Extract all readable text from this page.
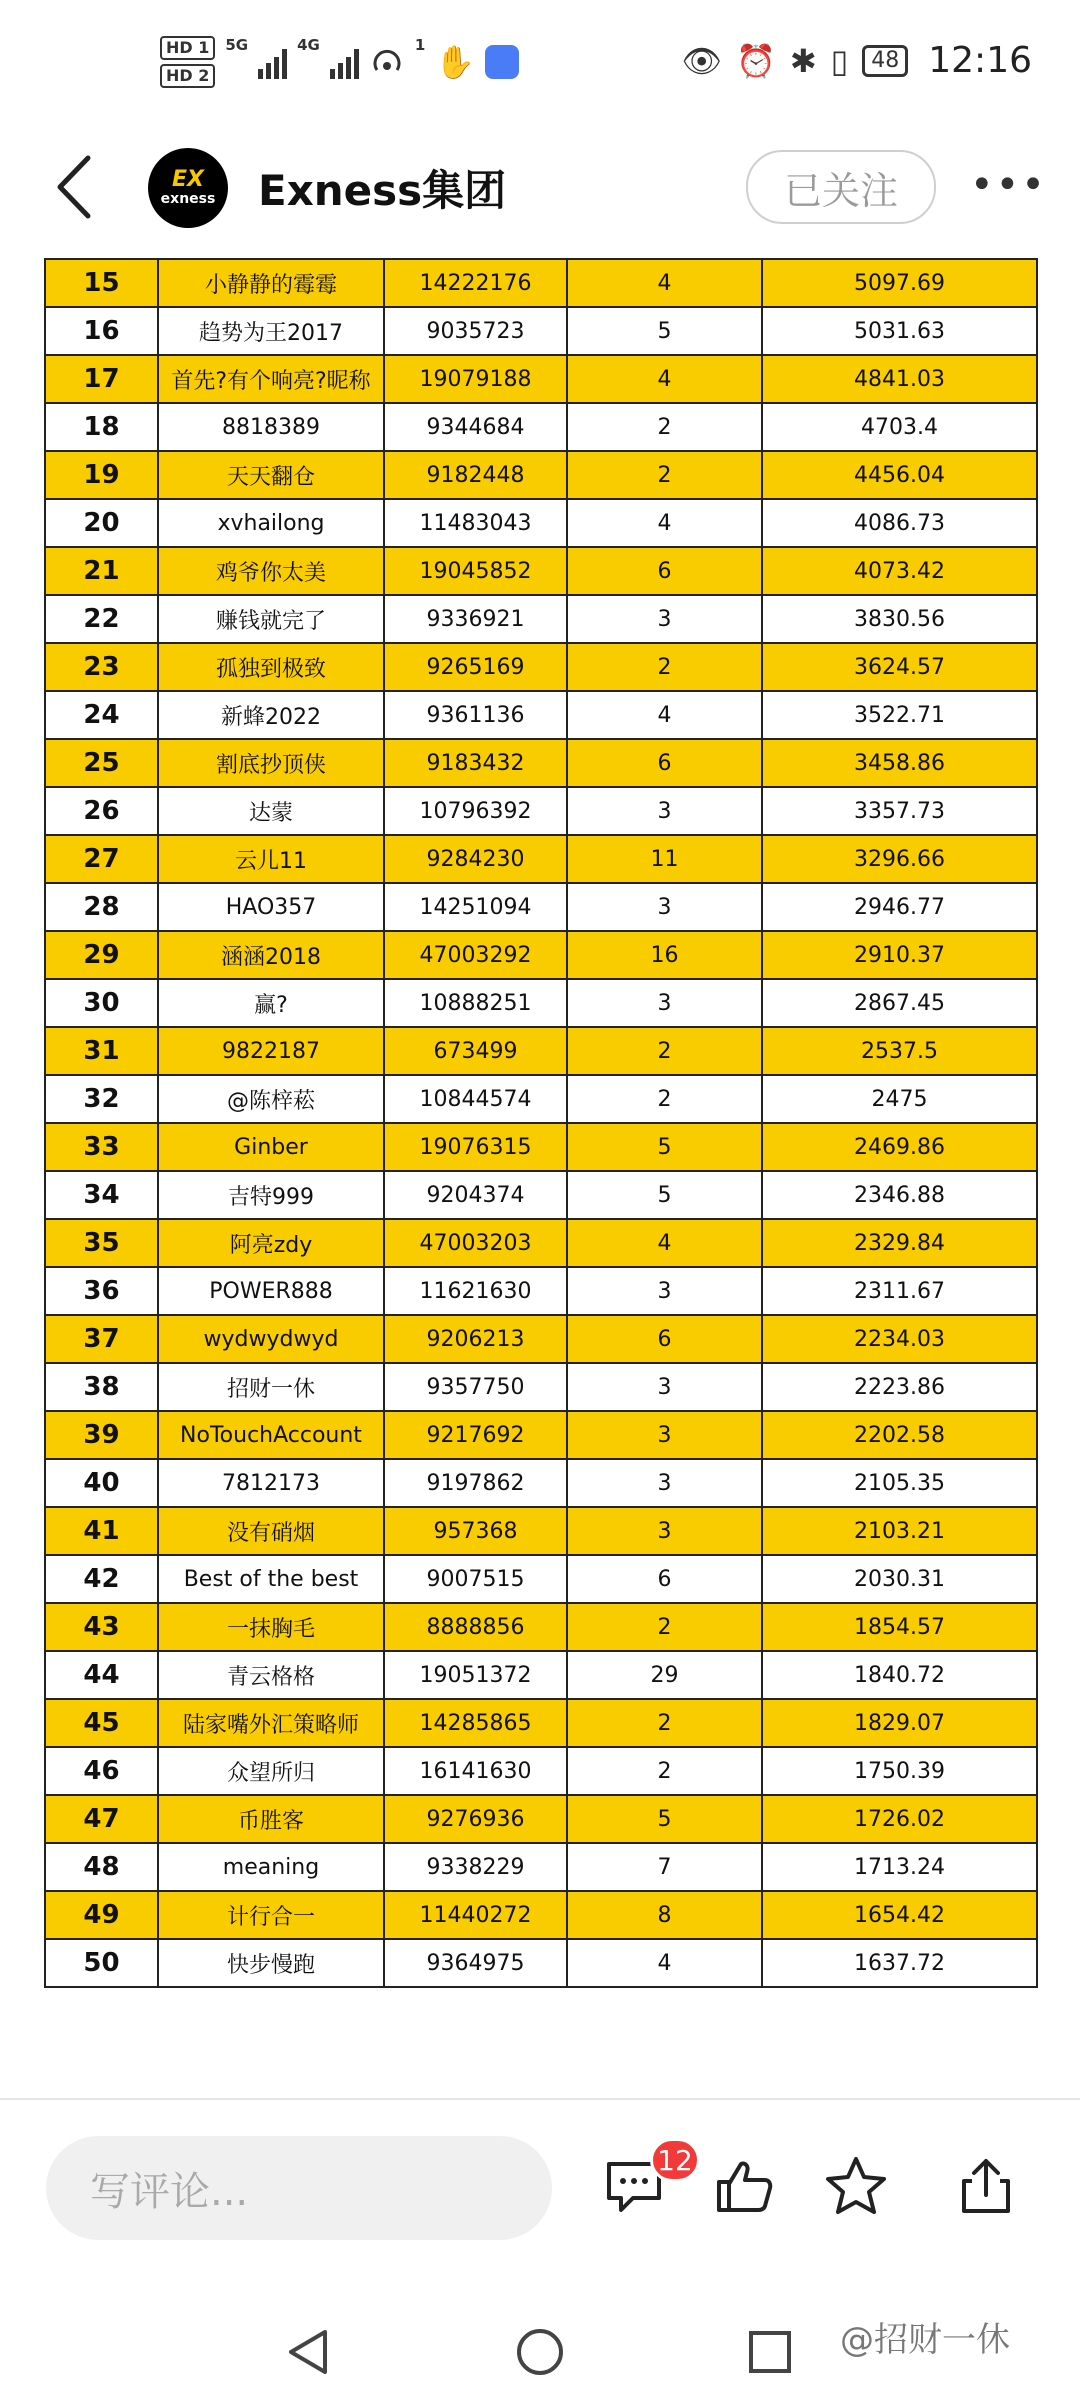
HD 1
HD 2
5G	4G	1 ✋	👁 ⏰ ✱ ▯	48 12:16
EX
exness Exness集团	已关注	•••
15	小静静的霉霉	14222176	4	5097.69
16	趋势为王2017	9035723	5	5031.63
17	首先?有个响亮?昵称	19079188	4	4841.03
18	8818389	9344684	2	4703.4
19	天天翻仓	9182448	2	4456.04
20	xvhailong	11483043	4	4086.73
21	鸡爷你太美	19045852	6	4073.42
22	赚钱就完了	9336921	3	3830.56
23	孤独到极致	9265169	2	3624.57
24	新蜂2022	9361136	4	3522.71
25	割底抄顶侠	9183432	6	3458.86
26	达蒙	10796392	3	3357.73
27	云儿11	9284230	11	3296.66
28	HAO357	14251094	3	2946.77
29	涵涵2018	47003292	16	2910.37
30	赢?	10888251	3	2867.45
31	9822187	673499	2	2537.5
32	@陈梓菘	10844574	2	2475
33	Ginber	19076315	5	2469.86
34	吉特999	9204374	5	2346.88
35	阿亮zdy	47003203	4	2329.84
36	POWER888	11621630	3	2311.67
37	wydwydwyd	9206213	6	2234.03
38	招财一休	9357750	3	2223.86
39	NoTouchAccount	9217692	3	2202.58
40	7812173	9197862	3	2105.35
41	没有硝烟	957368	3	2103.21
42	Best of the best	9007515	6	2030.31
43	一抹胸毛	8888856	2	1854.57
44	青云格格	19051372	29	1840.72
45	陆家嘴外汇策略师	14285865	2	1829.07
46	众望所归	16141630	2	1750.39
47	币胜客	9276936	5	1726.02
48	meaning	9338229	7	1713.24
49	计行合一	11440272	8	1654.42
50	快步慢跑	9364975	4	1637.72
写评论...
12
@招财一休
